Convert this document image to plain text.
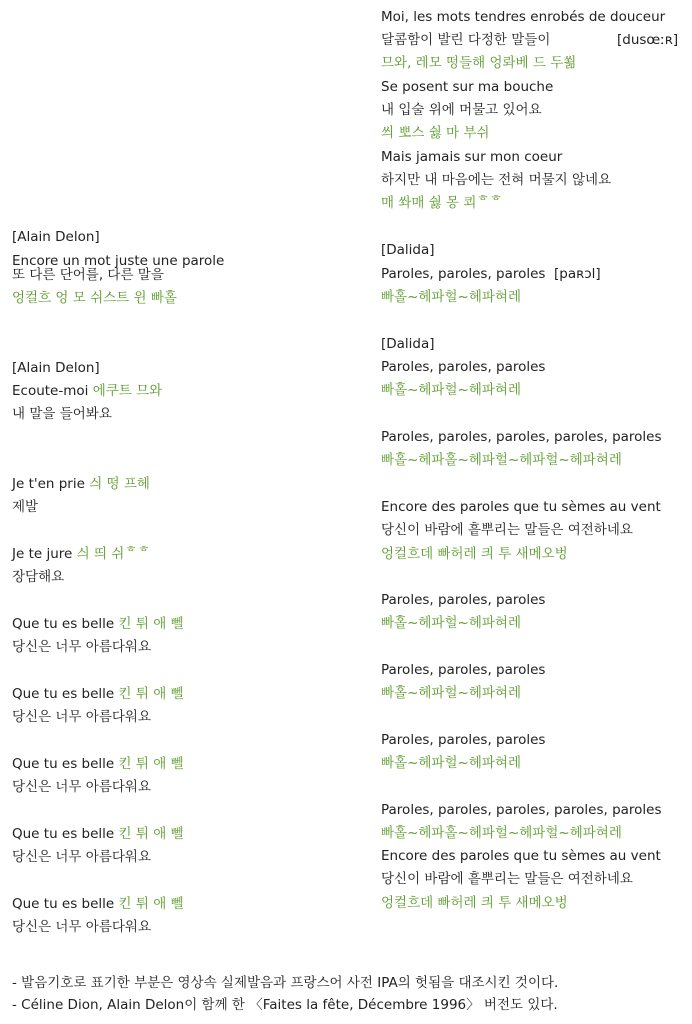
Moi, les mots tendres enrobés de douceur
달콤함이 발린 다정한 말들이	[dusœːʀ]
므와, 레모 떵들해 엉롸베 드 두쐶
Se posent sur ma bouche
내 입술 위에 머물고 있어요
씌 뽀스 쉃 마 부쉬
Mais jamais sur mon coeur
하지만 내 마음에는 전혀 머물지 않네요
매 쏴매 쉃 몽 쾨ᄒᄒ
[Dalida]
Paroles, paroles, paroles [paʀɔl]
빠홀~헤파헐~헤파혀레
[Dalida]
Paroles, paroles, paroles
빠홀~헤파헐~헤파혀레
Paroles, paroles, paroles, paroles, paroles
빠홀~헤파홀~헤파헐~헤파헐~헤파혀레
Encore des paroles que tu sèmes au vent
당신이 바람에 흩뿌리는 말들은 여전하네요
엉컬흐데 빠허레 킈 투 새메오벙
Paroles, paroles, paroles
빠홀~헤파헐~헤파혀레
Paroles, paroles, paroles
빠홀~헤파헐~헤파혀레
Paroles, paroles, paroles
빠홀~헤파헐~헤파혀레
Paroles, paroles, paroles, paroles, paroles
빠홀~헤파홀~헤파헐~헤파헐~헤파혀레
Encore des paroles que tu sèmes au vent
당신이 바람에 흩뿌리는 말들은 여전하네요
엉컬흐데 빠허레 킈 투 새메오벙
[Alain Delon]
Encore un mot juste une parole
또 다른 단어를, 다른 말을
엉컬흐 엉 모 쉬스트 윈 빠홀
[Alain Delon]
Ecoute-moi 에쿠트 므와
내 말을 들어봐요
Je t'en prie 싀 떵 프헤
제발
Je te jure 싀 띄 쉬ᄒᄒ
장담해요
Que tu es belle 킨 튀 애 뻴
당신은 너무 아름다워요
Que tu es belle 킨 튀 애 뻴
당신은 너무 아름다워요
Que tu es belle 킨 튀 애 뻴
당신은 너무 아름다워요
Que tu es belle 킨 튀 애 뻴
당신은 너무 아름다워요
Que tu es belle 킨 튀 애 뻴
당신은 너무 아름다워요
- 발음기호로 표기한 부분은 영상속 실제발음과 프랑스어 사전 IPA의 헛됨을 대조시킨 것이다.
- Céline Dion, Alain Delon이 함께 한 〈Faites la fête, Décembre 1996〉 버전도 있다.
